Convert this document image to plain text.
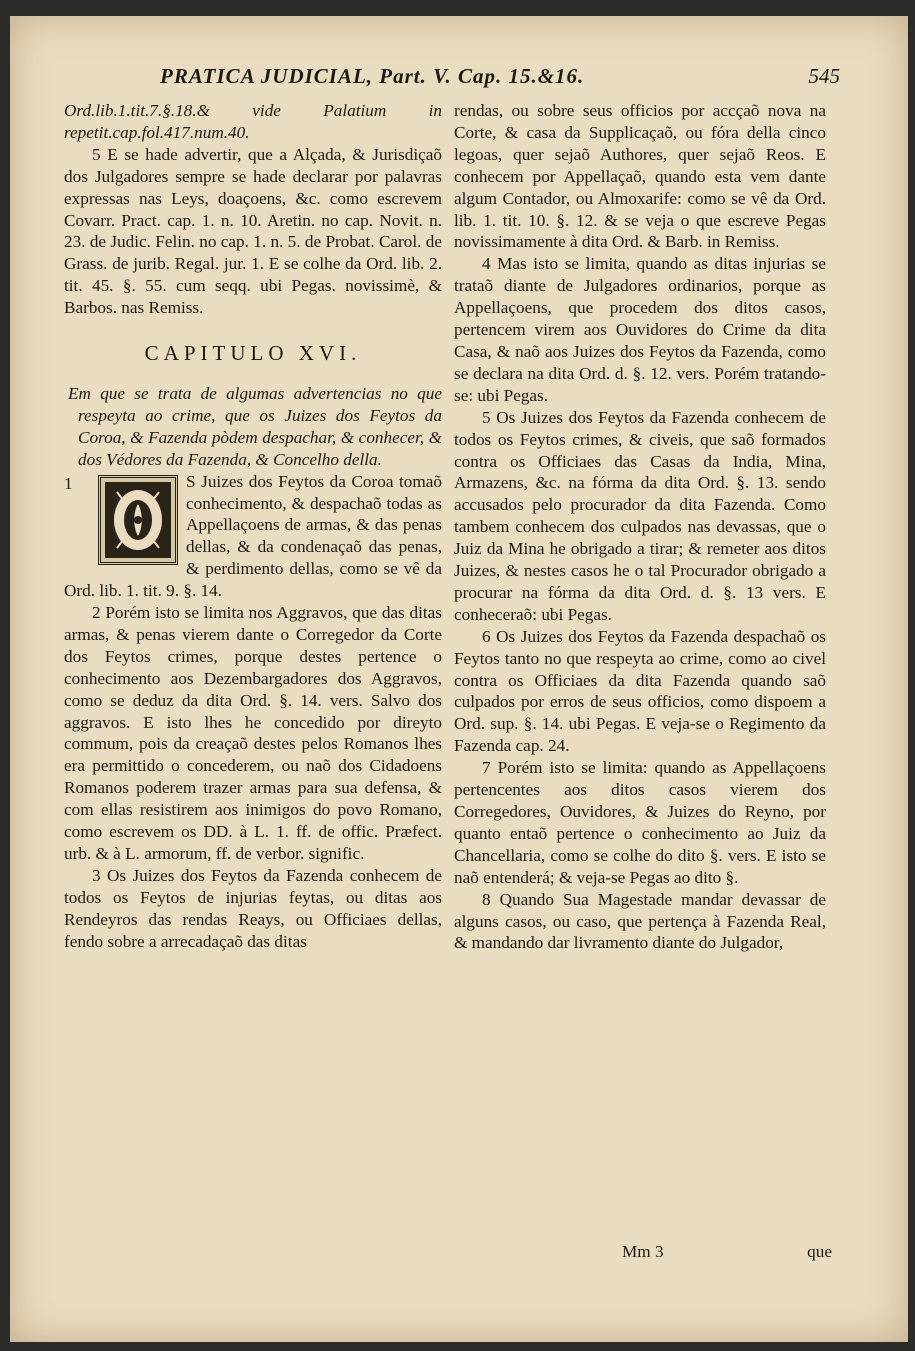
PRATICA JUDICIAL, Part. V. Cap. 15.&16.	545

Ord.lib.1.tit.7.§.18.& vide Palatium in repetit.cap.fol.417.num.40.

5 E se hade advertir, que a Alçada, & Jurisdiçaõ dos Julgadores sempre se hade declarar por palavras expressas nas Leys, doaçoens, &c. como escrevem Covarr. Pract. cap. 1. n. 10. Aretin. no cap. Novit. n. 23. de Judic. Felin. no cap. 1. n. 5. de Probat. Carol. de Grass. de jurib. Regal. jur. 1. E se colhe da Ord. lib. 2. tit. 45. §. 55. cum seqq. ubi Pegas. novissimè, & Barbos. nas Remiss.

CAPITULO XVI.

Em que se trata de algumas advertencias no que respeyta ao crime, que os Juizes dos Feytos da Coroa, & Fazenda pòdem despachar, & conhecer, & dos Védores da Fazenda, & Concelho della.

1	S Juizes dos Feytos da Coroa tomaõ conhecimento, & despachaõ todas as Appellaçoens de armas, & das penas dellas, & da condenaçaõ das penas, & perdimento dellas, como se vê da Ord. lib. 1. tit. 9. §. 14.

2 Porém isto se limita nos Aggravos, que das ditas armas, & penas vierem dante o Corregedor da Corte dos Feytos crimes, porque destes pertence o conhecimento aos Dezembargadores dos Aggravos, como se deduz da dita Ord. §. 14. vers. Salvo dos aggravos. E isto lhes he concedido por direyto commum, pois da creaçaõ destes pelos Romanos lhes era permittido o concederem, ou naõ dos Cidadoens Romanos poderem trazer armas para sua defensa, & com ellas resistirem aos inimigos do povo Romano, como escrevem os DD. à L. 1. ff. de offic. Præfect. urb. & à L. armorum, ff. de verbor. signific.

3 Os Juizes dos Feytos da Fazenda conhecem de todos os Feytos de injurias feytas, ou ditas aos Rendeyros das rendas Reays, ou Officiaes dellas, fendo sobre a arrecadaçaõ das ditas

rendas, ou sobre seus officios por accçaõ nova na Corte, & casa da Supplicaçaõ, ou fóra della cinco legoas, quer sejaõ Authores, quer sejaõ Reos. E conhecem por Appellaçaõ, quando esta vem dante algum Contador, ou Almoxarife: como se vê da Ord. lib. 1. tit. 10. §. 12. & se veja o que escreve Pegas novissimamente à dita Ord. & Barb. in Remiss.

4 Mas isto se limita, quando as ditas injurias se trataõ diante de Julgadores ordinarios, porque as Appellaçoens, que procedem dos ditos casos, pertencem virem aos Ouvidores do Crime da dita Casa, & naõ aos Juizes dos Feytos da Fazenda, como se declara na dita Ord. d. §. 12. vers. Porém tratando-se: ubi Pegas.

5 Os Juizes dos Feytos da Fazenda conhecem de todos os Feytos crimes, & civeis, que saõ formados contra os Officiaes das Casas da India, Mina, Armazens, &c. na fórma da dita Ord. §. 13. sendo accusados pelo procurador da dita Fazenda. Como tambem conhecem dos culpados nas devassas, que o Juiz da Mina he obrigado a tirar; & remeter aos ditos Juizes, & nestes casos he o tal Procurador obrigado a procurar na fórma da dita Ord. d. §. 13 vers. E conheceraõ: ubi Pegas.

6 Os Juizes dos Feytos da Fazenda despachaõ os Feytos tanto no que respeyta ao crime, como ao civel contra os Officiaes da dita Fazenda quando saõ culpados por erros de seus officios, como dispoem a Ord. sup. §. 14. ubi Pegas. E veja-se o Regimento da Fazenda cap. 24.

7 Porém isto se limita: quando as Appellaçoens pertencentes aos ditos casos vierem dos Corregedores, Ouvidores, & Juizes do Reyno, por quanto entaõ pertence o conhecimento ao Juiz da Chancellaria, como se colhe do dito §. vers. E isto se naõ entenderá; & veja-se Pegas ao dito §.

8 Quando Sua Magestade mandar devassar de alguns casos, ou caso, que pertença à Fazenda Real, & mandando dar livramento diante do Julgador,

Mm 3	que
